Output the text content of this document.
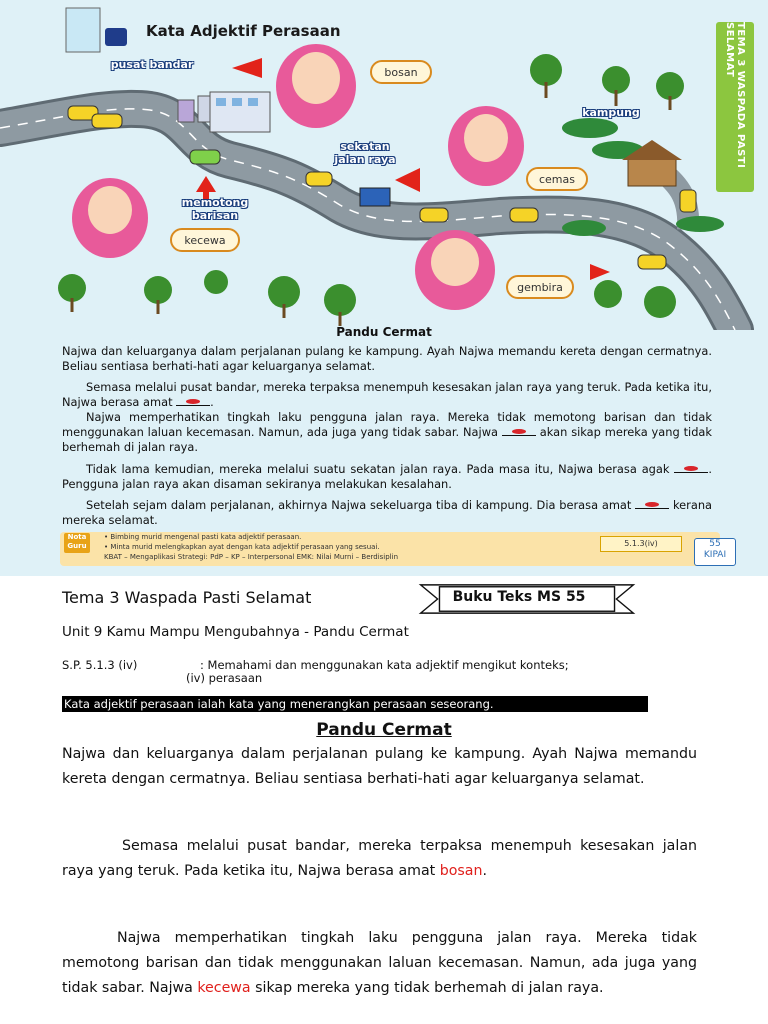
TEMA 3 WASPADA PASTI SELAMAT
Kata Adjektif Perasaan
pusat bandar
kampung
sekatan jalan raya
memotong barisan
bosan
cemas
kecewa
gembira
Pandu Cermat

Najwa dan keluarganya dalam perjalanan pulang ke kampung. Ayah Najwa memandu kereta dengan cermatnya. Beliau sentiasa berhati-hati agar keluarganya selamat.

Semasa melalui pusat bandar, mereka terpaksa menempuh kesesakan jalan raya yang teruk. Pada ketika itu, Najwa berasa amat	.

Najwa memperhatikan tingkah laku pengguna jalan raya. Mereka tidak memotong barisan dan tidak menggunakan laluan kecemasan. Namun, ada juga yang tidak sabar. Najwa	akan sikap mereka yang tidak berhemah di jalan raya.

Tidak lama kemudian, mereka melalui suatu sekatan jalan raya. Pada masa itu, Najwa berasa agak	. Pengguna jalan raya akan disaman sekiranya melakukan kesalahan.

Setelah sejam dalam perjalanan, akhirnya Najwa sekeluarga tiba di kampung. Dia berasa amat	kerana mereka selamat.

Nota Guru
• Bimbing murid mengenal pasti kata adjektif perasaan.
• Minta murid melengkapkan ayat dengan kata adjektif perasaan yang sesuai.
KBAT – Mengaplikasi Strategi: PdP – KP – Interpersonal EMK: Nilai Murni – Berdisiplin
5.1.3(iv)	55
KIPAI
Tema 3 Waspada Pasti Selamat	Buku Teks MS 55
Unit 9 Kamu Mampu Mengubahnya - Pandu Cermat
S.P. 5.1.3 (iv)	: Memahami dan menggunakan kata adjektif mengikut konteks;
(iv) perasaan
Kata adjektif perasaan ialah kata yang menerangkan perasaan seseorang.
Pandu Cermat

Najwa dan keluarganya dalam perjalanan pulang ke kampung. Ayah Najwa memandu kereta dengan cermatnya. Beliau sentiasa berhati-hati agar keluarganya selamat.

Semasa melalui pusat bandar, mereka terpaksa menempuh kesesakan jalan raya yang teruk. Pada ketika itu, Najwa berasa amat bosan.

Najwa memperhatikan tingkah laku pengguna jalan raya. Mereka tidak memotong barisan dan tidak menggunakan laluan kecemasan. Namun, ada juga yang tidak sabar. Najwa kecewa sikap mereka yang tidak berhemah di jalan raya.
